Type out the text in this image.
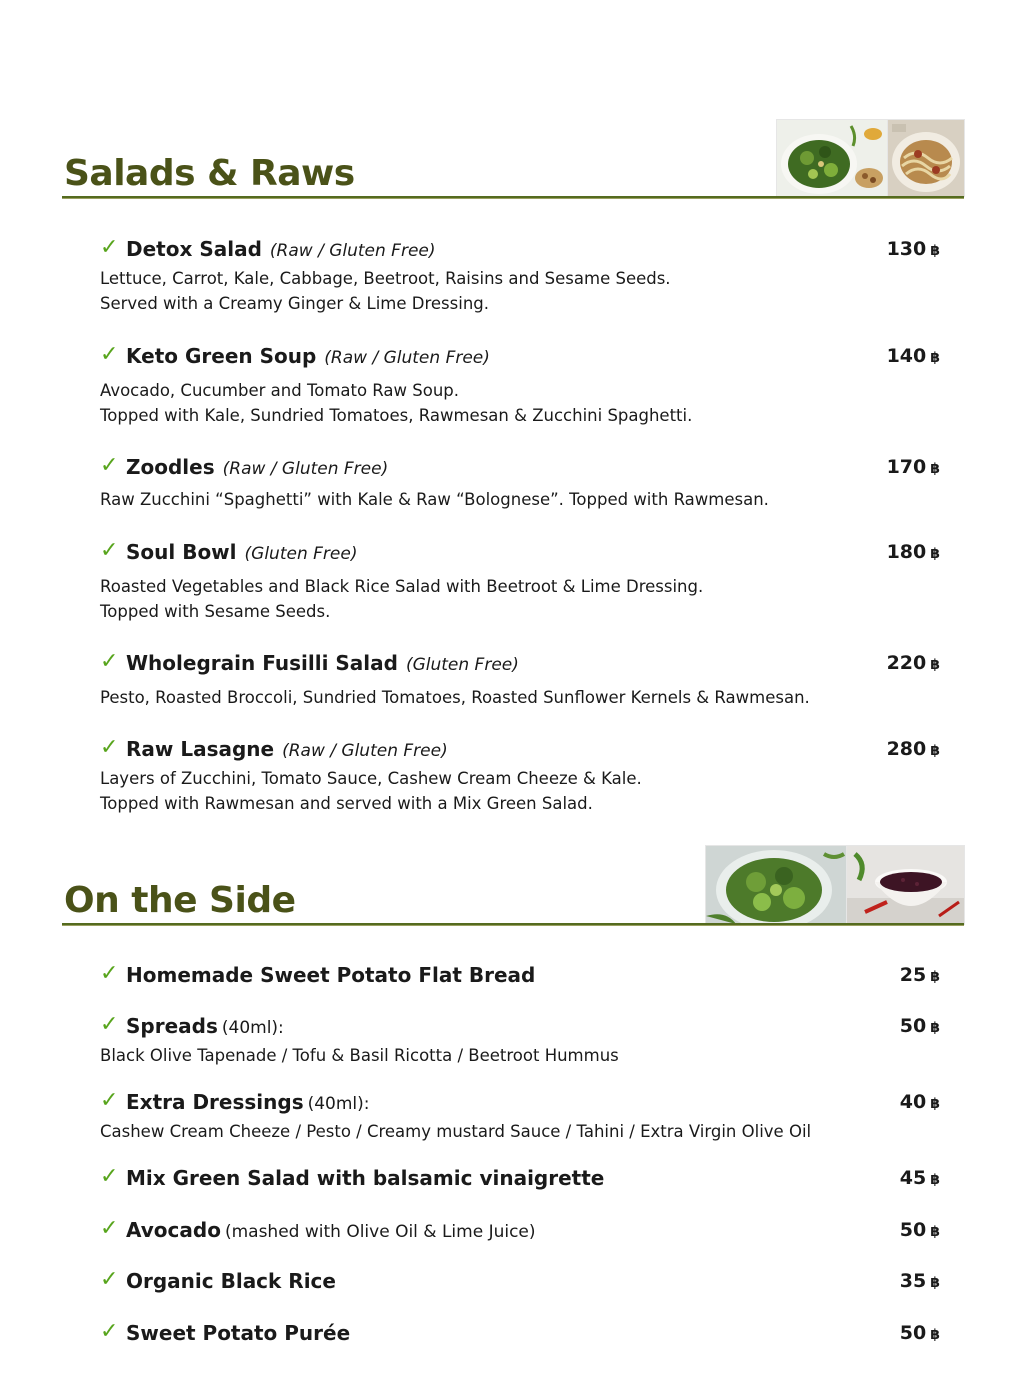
Salads & Raws
✓ Detox Salad (Raw / Gluten Free)	130 ฿
Lettuce, Carrot, Kale, Cabbage, Beetroot, Raisins and Sesame Seeds.
Served with a Creamy Ginger & Lime Dressing.
✓ Keto Green Soup (Raw / Gluten Free)	140 ฿
Avocado, Cucumber and Tomato Raw Soup.
Topped with Kale, Sundried Tomatoes, Rawmesan & Zucchini Spaghetti.
✓ Zoodles (Raw / Gluten Free)	170 ฿
Raw Zucchini “Spaghetti” with Kale & Raw “Bolognese”. Topped with Rawmesan.
✓ Soul Bowl (Gluten Free)	180 ฿
Roasted Vegetables and Black Rice Salad with Beetroot & Lime Dressing.
Topped with Sesame Seeds.
✓ Wholegrain Fusilli Salad (Gluten Free)	220 ฿
Pesto, Roasted Broccoli, Sundried Tomatoes, Roasted Sunflower Kernels & Rawmesan.
✓ Raw Lasagne (Raw / Gluten Free)	280 ฿
Layers of Zucchini, Tomato Sauce, Cashew Cream Cheeze & Kale.
Topped with Rawmesan and served with a Mix Green Salad.
On the Side
✓ Homemade Sweet Potato Flat Bread	25 ฿
✓ Spreads (40ml):	50 ฿
Black Olive Tapenade / Tofu & Basil Ricotta / Beetroot Hummus
✓ Extra Dressings (40ml):	40 ฿
Cashew Cream Cheeze / Pesto / Creamy mustard Sauce / Tahini / Extra Virgin Olive Oil
✓ Mix Green Salad with balsamic vinaigrette	45 ฿
✓ Avocado (mashed with Olive Oil & Lime Juice)	50 ฿
✓ Organic Black Rice	35 ฿
✓ Sweet Potato Purée	50 ฿
